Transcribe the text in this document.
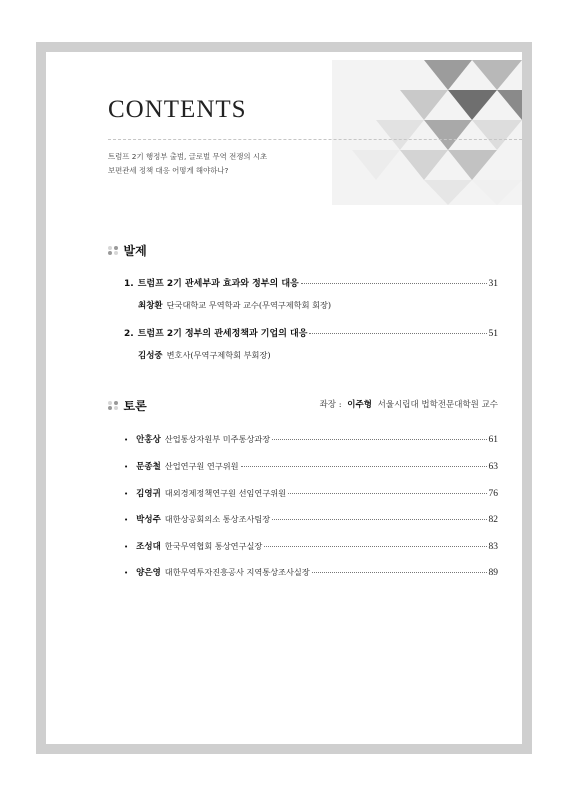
CONTENTS
트럼프 2기 행정부 출범, 글로벌 무역 전쟁의 시초
보편관세 정책 대응 어떻게 해야하나?
발제
1. 트럼프 2기 관세부과 효과와 정부의 대응	31
최창환 단국대학교 무역학과 교수(무역구제학회 회장)
2. 트럼프 2기 정부의 관세정책과 기업의 대응	51
김성중 변호사(무역구제학회 부회장)
토론	좌장 : 이주형 서울시립대 법학전문대학원 교수
• 안홍상 산업통상자원부 미주통상과장	61
• 문종철 산업연구원 연구위원	63
• 김영귀 대외경제정책연구원 선임연구위원	76
• 박성주 대한상공회의소 통상조사팀장	82
• 조성대 한국무역협회 통상연구실장	83
• 양은영 대한무역투자진흥공사 지역통상조사실장	89
